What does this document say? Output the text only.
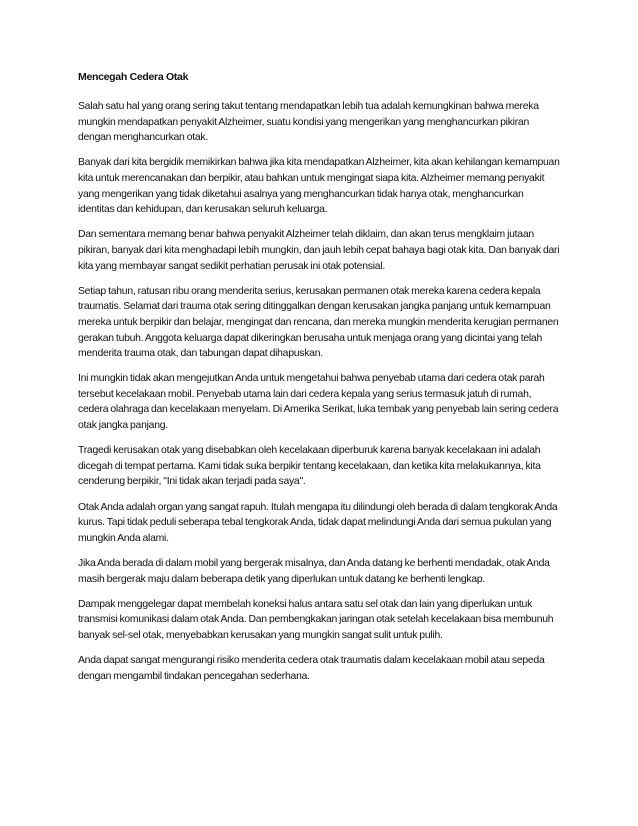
Mencegah Cedera Otak

Salah satu hal yang orang sering takut tentang mendapatkan lebih tua adalah kemungkinan bahwa mereka mungkin mendapatkan penyakit Alzheimer, suatu kondisi yang mengerikan yang menghancurkan pikiran dengan menghancurkan otak.

Banyak dari kita bergidik memikirkan bahwa jika kita mendapatkan Alzheimer, kita akan kehilangan kemampuan kita untuk merencanakan dan berpikir, atau bahkan untuk mengingat siapa kita. Alzheimer memang penyakit yang mengerikan yang tidak diketahui asalnya yang menghancurkan tidak hanya otak, menghancurkan identitas dan kehidupan, dan kerusakan seluruh keluarga.

Dan sementara memang benar bahwa penyakit Alzheimer telah diklaim, dan akan terus mengklaim jutaan pikiran, banyak dari kita menghadapi lebih mungkin, dan jauh lebih cepat bahaya bagi otak kita. Dan banyak dari kita yang membayar sangat sedikit perhatian perusak ini otak potensial.

Setiap tahun, ratusan ribu orang menderita serius, kerusakan permanen otak mereka karena cedera kepala traumatis. Selamat dari trauma otak sering ditinggalkan dengan kerusakan jangka panjang untuk kemampuan mereka untuk berpikir dan belajar, mengingat dan rencana, dan mereka mungkin menderita kerugian permanen gerakan tubuh. Anggota keluarga dapat dikeringkan berusaha untuk menjaga orang yang dicintai yang telah menderita trauma otak, dan tabungan dapat dihapuskan.

Ini mungkin tidak akan mengejutkan Anda untuk mengetahui bahwa penyebab utama dari cedera otak parah tersebut kecelakaan mobil. Penyebab utama lain dari cedera kepala yang serius termasuk jatuh di rumah, cedera olahraga dan kecelakaan menyelam. Di Amerika Serikat, luka tembak yang penyebab lain sering cedera otak jangka panjang.

Tragedi kerusakan otak yang disebabkan oleh kecelakaan diperburuk karena banyak kecelakaan ini adalah dicegah di tempat pertama. Kami tidak suka berpikir tentang kecelakaan, dan ketika kita melakukannya, kita cenderung berpikir, "Ini tidak akan terjadi pada saya".

Otak Anda adalah organ yang sangat rapuh. Itulah mengapa itu dilindungi oleh berada di dalam tengkorak Anda kurus. Tapi tidak peduli seberapa tebal tengkorak Anda, tidak dapat melindungi Anda dari semua pukulan yang mungkin Anda alami.

Jika Anda berada di dalam mobil yang bergerak misalnya, dan Anda datang ke berhenti mendadak, otak Anda masih bergerak maju dalam beberapa detik yang diperlukan untuk datang ke berhenti lengkap.

Dampak menggelegar dapat membelah koneksi halus antara satu sel otak dan lain yang diperlukan untuk transmisi komunikasi dalam otak Anda. Dan pembengkakan jaringan otak setelah kecelakaan bisa membunuh banyak sel-sel otak, menyebabkan kerusakan yang mungkin sangat sulit untuk pulih.

Anda dapat sangat mengurangi risiko menderita cedera otak traumatis dalam kecelakaan mobil atau sepeda dengan mengambil tindakan pencegahan sederhana.
